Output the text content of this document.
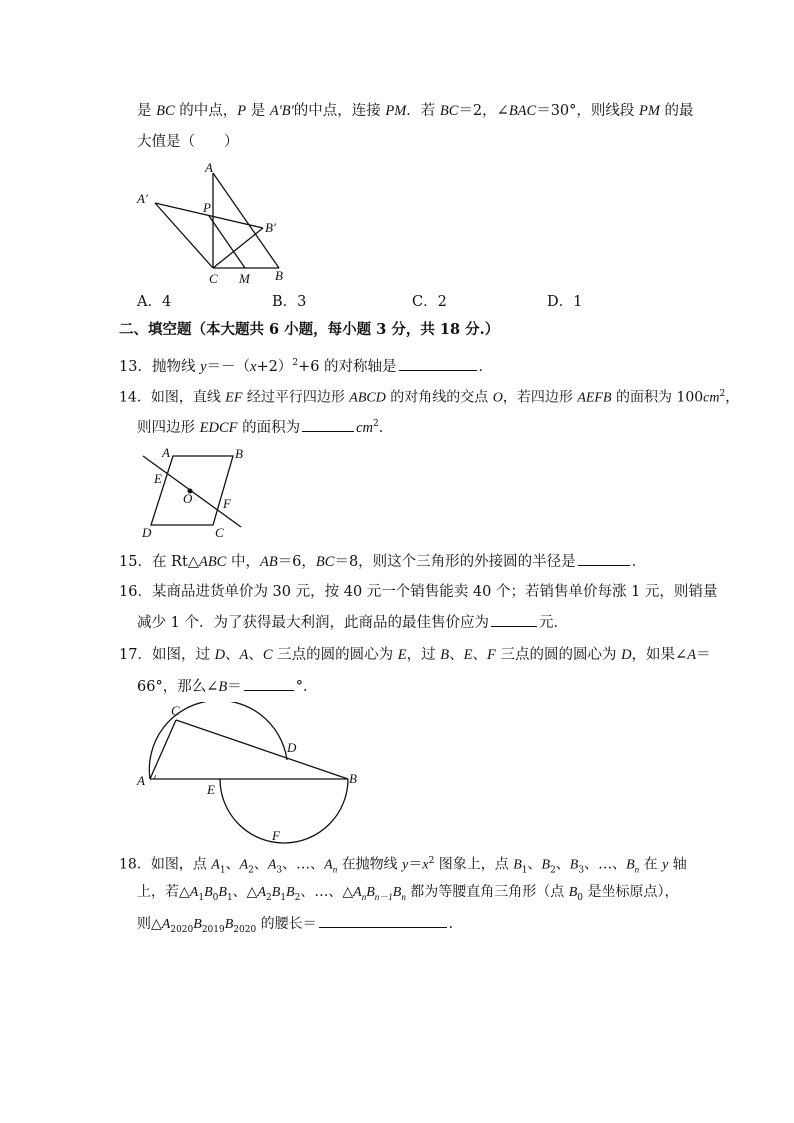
是 BC 的中点，P 是 A'B'的中点，连接 PM．若 BC＝2，∠BAC＝30°，则线段 PM 的最
大值是（　　）
A
A′
P
B′
C M B
A．4	B．3	C．2	D．1
二、填空题（本大题共 6 小题，每小题 3 分，共 18 分.）
13．抛物线 $y=-(x+2)^2+6$ 的对称轴是	．
14．如图，直线 EF 经过平行四边形 ABCD 的对角线的交点 O，若四边形 AEFB 的面积为 $100cm^2$，
则四边形 EDCF 的面积为	$cm^2$．
A	B
E
O F
D	C
15．在 Rt△ABC 中，AB＝6，BC＝8，则这个三角形的外接圆的半径是	．
16．某商品进货单价为 30 元，按 40 元一个销售能卖 40 个；若销售单价每涨 1 元，则销量
减少 1 个．为了获得最大利润，此商品的最佳售价应为	元．
17．如图，过 D、A、C 三点的圆的圆心为 E，过 B、E、F 三点的圆的圆心为 D，如果∠A＝
66°，那么∠B＝	°．
C
D
A
E
B
F
18．如图，点 $A_1$、$A_2$、$A_3$、…、$A_n$ 在抛物线 $y=x^2$ 图象上，点 $B_1$、$B_2$、$B_3$、…、$B_n$ 在 y 轴
上，若$\triangle A_1B_0B_1$、$\triangle A_2B_1B_2$、…、$\triangle A_nB_{n-1}B_n$ 都为等腰直角三角形（点 $B_0$ 是坐标原点），
则$\triangle A_{2020}B_{2019}B_{2020}$ 的腰长＝	．
